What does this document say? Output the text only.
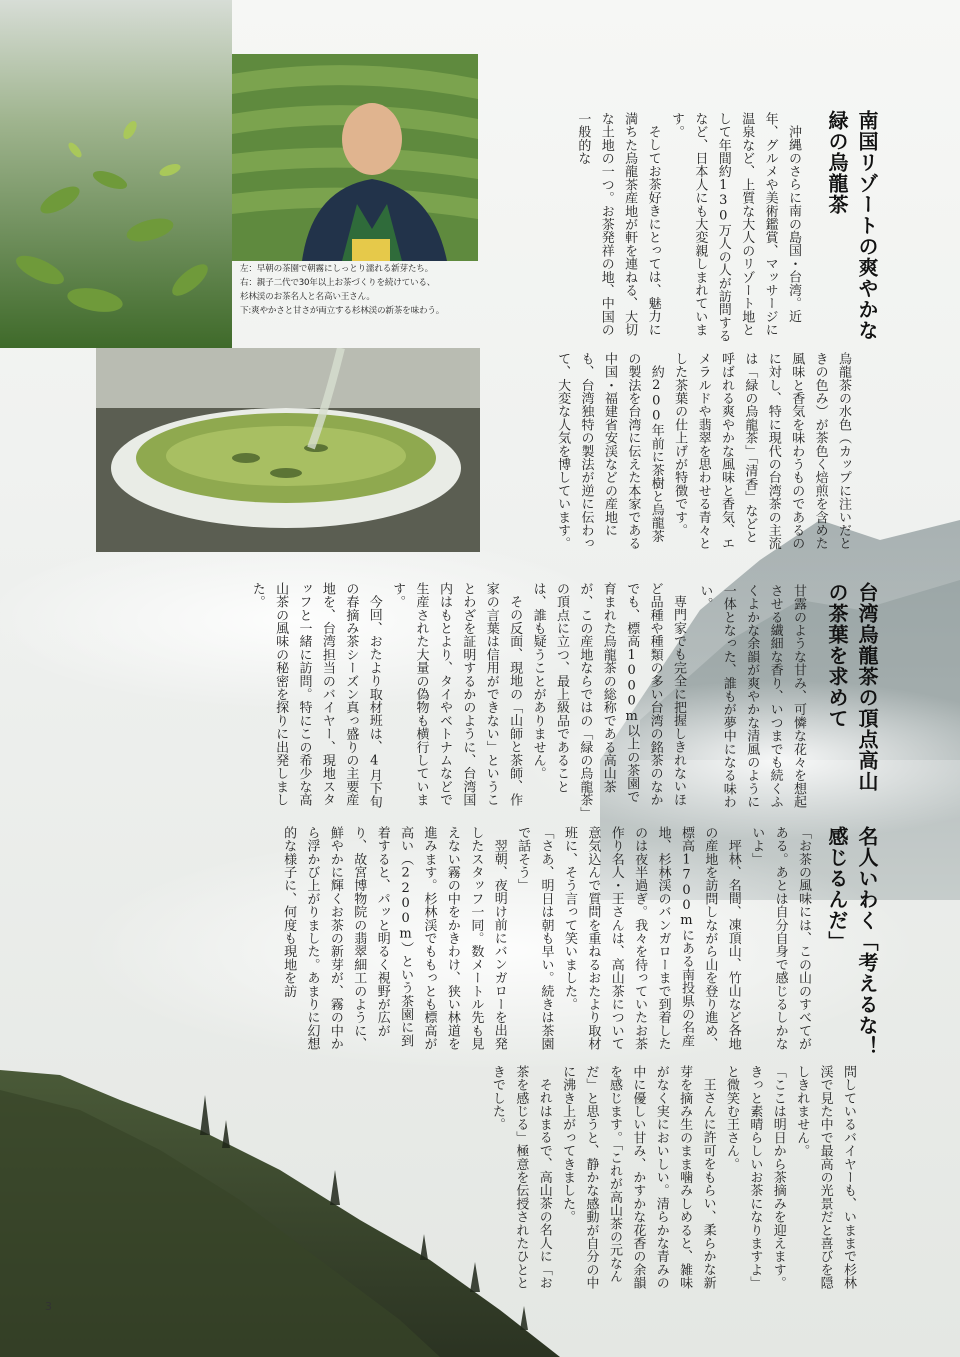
左：早朝の茶園で朝霧にしっとり濡れる新芽たち。
右：親子二代で30年以上お茶づくりを続けている、
杉林渓のお茶名人と名高い王さん。
下:爽やかさと甘さが両立する杉林渓の新茶を味わう。	南国リゾートの爽やかな緑の烏龍茶

沖縄のさらに南の島国・台湾。近年、グルメや美術鑑賞、マッサージに温泉など、上質な大人のリゾート地として年間約130万人の人が訪問するなど、日本人にも大変親しまれています。

そしてお茶好きにとっては、魅力に満ちた烏龍茶産地が軒を連ねる、大切な土地の一つ。お茶発祥の地、中国の一般的な

烏龍茶の水色（カップに注いだときの色み）が茶色く焙煎を含めた風味と香気を味わうものであるのに対し、特に現代の台湾茶の主流は「緑の烏龍茶」「清香」などと呼ばれる爽やかな風味と香気、エメラルドや翡翠を思わせる青々とした茶葉の仕上げが特徴です。

約200年前に茶樹と烏龍茶の製法を台湾に伝えた本家である中国・福建省安渓などの産地にも、台湾独特の製法が逆に伝わって、大変な人気を博しています。

台湾烏龍茶の頂点高山の茶葉を求めて

甘露のような甘み、可憐な花々を想起させる繊細な香り、いつまでも続くふくよかな余韻が爽やかな清風のように一体となった、誰もが夢中になる味わい。

専門家でも完全に把握しきれないほど品種や種類の多い台湾の銘茶のなかでも、標高1000m以上の茶園で育まれた烏龍茶の総称である高山茶が、この産地ならではの「緑の烏龍茶」の頂点に立つ、最上級品であることは、誰も疑うことがありません。

その反面、現地の「山師と茶師、作家の言葉は信用ができない」ということわざを証明するかのように、台湾国内はもとより、タイやベトナムなどで生産された大量の偽物も横行しています。

今回、おたより取材班は、4月下旬の春摘み茶シーズン真っ盛りの主要産地を、台湾担当のバイヤー、現地スタッフと一緒に訪問。特にこの希少な高山茶の風味の秘密を探りに出発しました。

名人いわく「考えるな！感じるんだ」

「お茶の風味には、この山のすべてがある。あとは自分自身で感じるしかないよ」

坪林、名間、凍頂山、竹山など各地の産地を訪問しながら山を登り進め、標高1700mにある南投県の名産地、杉林渓のバンガローまで到着したのは夜半過ぎ。我々を待っていたお茶作り名人・王さんは、高山茶について意気込んで質問を重ねるおたより取材班に、そう言って笑いました。

「さあ、明日は朝も早い。続きは茶園で話そう」

翌朝、夜明け前にバンガローを出発したスタッフ一同。数メートル先も見えない霧の中をかきわけ、狭い林道を進みます。杉林渓でももっとも標高が高い（2200m）という茶園に到着すると、パッと明るく視野が広がり、故宮博物院の翡翠細工のように、鮮やかに輝くお茶の新芽が、霧の中から浮かび上がりました。あまりに幻想的な様子に、何度も現地を訪

問しているバイヤーも、いままで杉林渓で見た中で最高の光景だと喜びを隠しきれません。

「ここは明日から茶摘みを迎えます。きっと素晴らしいお茶になりますよ」と微笑む王さん。

王さんに許可をもらい、柔らかな新芽を摘み生のまま噛みしめると、雑味がなく実においしい。清らかな青みの中に優しい甘み、かすかな花香の余韻を感じます。「これが高山茶の元なんだ」と思うと、静かな感動が自分の中に沸き上がってきました。

それはまるで、高山茶の名人に「お茶を感じる」極意を伝授されたひとときでした。

3
